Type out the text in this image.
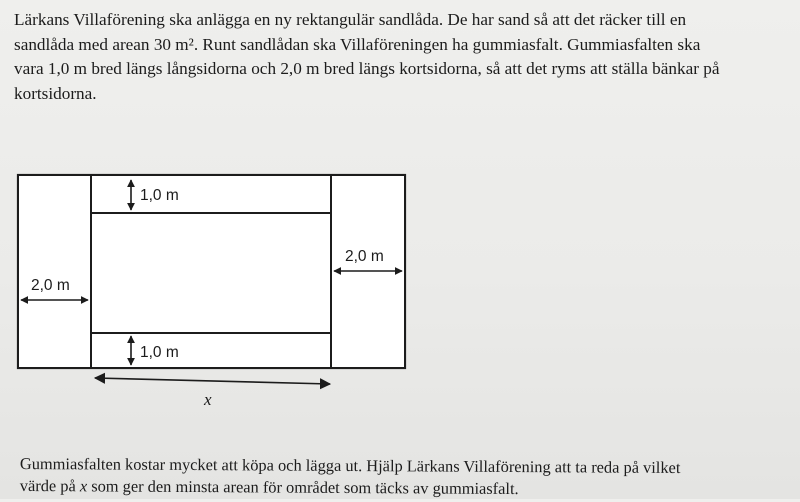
Lärkans Villaförening ska anlägga en ny rektangulär sandlåda. De har sand så att det räcker till en
sandlåda med arean 30 m². Runt sandlådan ska Villaföreningen ha gummiasfalt. Gummiasfalten ska
vara 1,0 m bred längs långsidorna och 2,0 m bred längs kortsidorna, så att det ryms att ställa bänkar på
kortsidorna.
1,0 m
1,0 m
2,0 m
2,0 m
x
Gummiasfalten kostar mycket att köpa och lägga ut. Hjälp Lärkans Villaförening att ta reda på vilket
värde på x som ger den minsta arean för området som täcks av gummiasfalt.
